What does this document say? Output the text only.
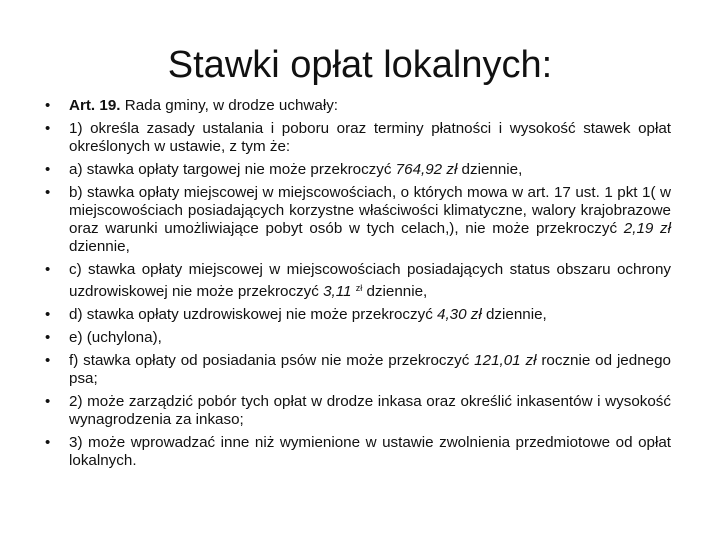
Stawki opłat lokalnych:
• Art. 19. Rada gminy, w drodze uchwały:
• 1) określa zasady ustalania i poboru oraz terminy płatności i wysokość stawek opłat określonych w ustawie, z tym że:
• a) stawka opłaty targowej nie może przekroczyć 764,92 zł dziennie,
• b) stawka opłaty miejscowej w miejscowościach, o których mowa w art. 17 ust. 1 pkt 1( w miejscowościach posiadających korzystne właściwości klimatyczne, walory krajobrazowe oraz warunki umożliwiające pobyt osób w tych celach,), nie może przekroczyć 2,19 zł dziennie,
• c) stawka opłaty miejscowej w miejscowościach posiadających status obszaru ochrony uzdrowiskowej nie może przekroczyć 3,11 $^{zł}$ dziennie,
• d) stawka opłaty uzdrowiskowej nie może przekroczyć 4,30 zł dziennie,
• e) (uchylona),
• f) stawka opłaty od posiadania psów nie może przekroczyć 121,01 zł rocznie od jednego psa;
• 2) może zarządzić pobór tych opłat w drodze inkasa oraz określić inkasentów i wysokość wynagrodzenia za inkaso;
• 3) może wprowadzać inne niż wymienione w ustawie zwolnienia przedmiotowe od opłat lokalnych.
